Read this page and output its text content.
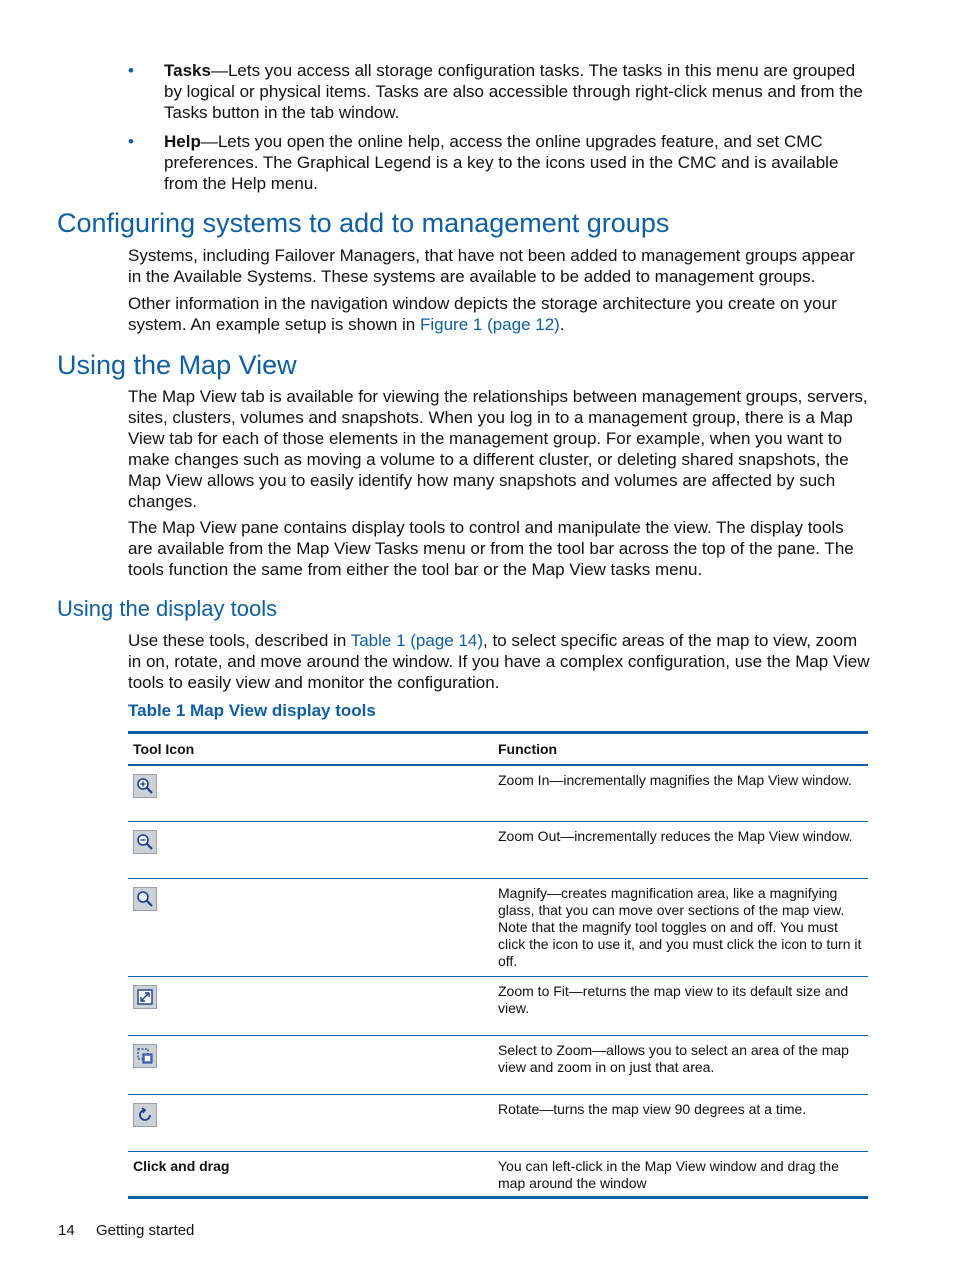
• Tasks—Lets you access all storage configuration tasks. The tasks in this menu are grouped by logical or physical items. Tasks are also accessible through right-click menus and from the Tasks button in the tab window.
• Help—Lets you open the online help, access the online upgrades feature, and set CMC preferences. The Graphical Legend is a key to the icons used in the CMC and is available from the Help menu.
Configuring systems to add to management groups

Systems, including Failover Managers, that have not been added to management groups appear in the Available Systems. These systems are available to be added to management groups.

Other information in the navigation window depicts the storage architecture you create on your system. An example setup is shown in Figure 1 (page 12).

Using the Map View

The Map View tab is available for viewing the relationships between management groups, servers, sites, clusters, volumes and snapshots. When you log in to a management group, there is a Map View tab for each of those elements in the management group. For example, when you want to make changes such as moving a volume to a different cluster, or deleting shared snapshots, the Map View allows you to easily identify how many snapshots and volumes are affected by such changes.

The Map View pane contains display tools to control and manipulate the view. The display tools are available from the Map View Tasks menu or from the tool bar across the top of the pane. The tools function the same from either the tool bar or the Map View tasks menu.

Using the display tools

Use these tools, described in Table 1 (page 14), to select specific areas of the map to view, zoom in on, rotate, and move around the window. If you have a complex configuration, use the Map View tools to easily view and monitor the configuration.

Table 1 Map View display tools

Tool Icon	Function
Zoom In—incrementally magnifies the Map View window.
Zoom Out—incrementally reduces the Map View window.
Magnify—creates magnification area, like a magnifying glass, that you can move over sections of the map view. Note that the magnify tool toggles on and off. You must click the icon to use it, and you must click the icon to turn it off.
Zoom to Fit—returns the map view to its default size and view.
Select to Zoom—allows you to select an area of the map view and zoom in on just that area.
Rotate—turns the map view 90 degrees at a time.
Click and drag	You can left-click in the Map View window and drag the map around the window
14 Getting started
